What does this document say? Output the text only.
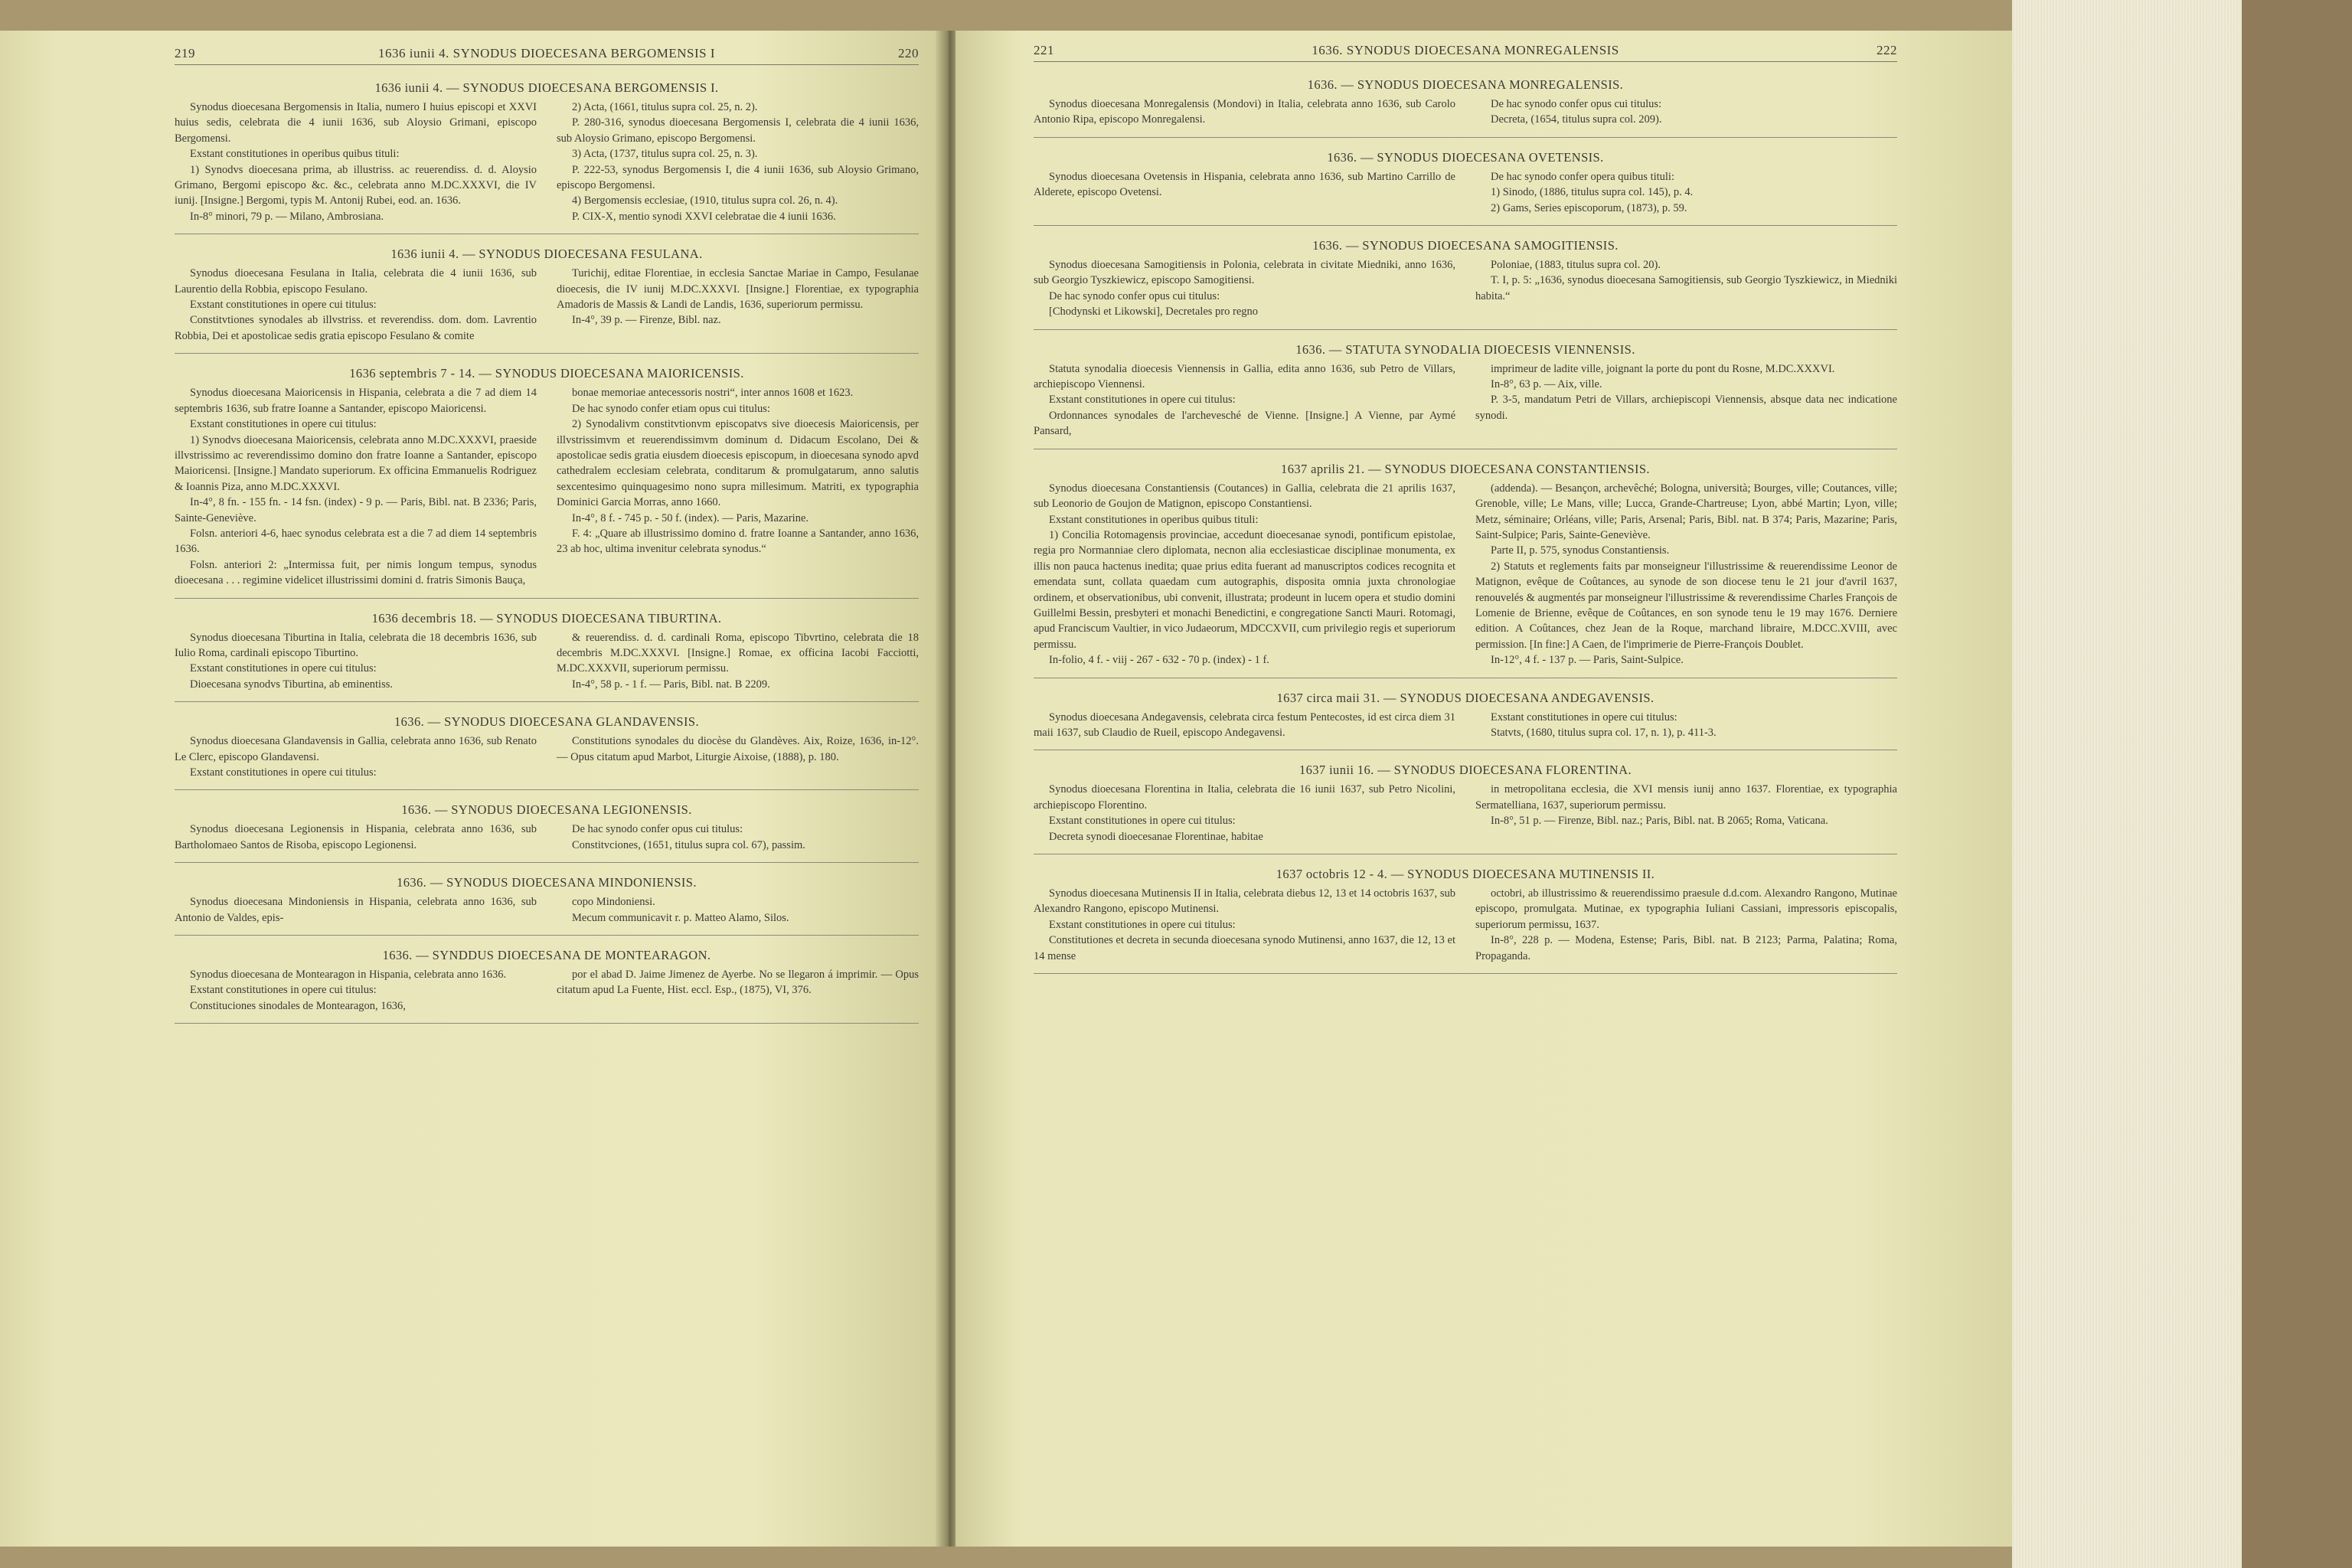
219	1636 iunii 4. SYNODUS DIOECESANA BERGOMENSIS I	220
1636 iunii 4. — SYNODUS DIOECESANA BERGOMENSIS I.

Synodus dioecesana Bergomensis in Italia, numero I huius episcopi et XXVI huius sedis, celebrata die 4 iunii 1636, sub Aloysio Grimani, episcopo Bergomensi.

Exstant constitutiones in operibus quibus tituli:

1) Synodvs dioecesana prima, ab illustriss. ac reuerendiss. d. d. Aloysio Grimano, Bergomi episcopo &c. &c., celebrata anno M.DC.XXXVI, die IV iunij. [Insigne.] Bergomi, typis M. Antonij Rubei, eod. an. 1636.

In-8° minori, 79 p. — Milano, Ambrosiana.

2) Acta, (1661, titulus supra col. 25, n. 2).

P. 280-316, synodus dioecesana Bergomensis I, celebrata die 4 iunii 1636, sub Aloysio Grimano, episcopo Bergomensi.

3) Acta, (1737, titulus supra col. 25, n. 3).

P. 222-53, synodus Bergomensis I, die 4 iunii 1636, sub Aloysio Grimano, episcopo Bergomensi.

4) Bergomensis ecclesiae, (1910, titulus supra col. 26, n. 4).

P. CIX-X, mentio synodi XXVI celebratae die 4 iunii 1636.

1636 iunii 4. — SYNODUS DIOECESANA FESULANA.

Synodus dioecesana Fesulana in Italia, celebrata die 4 iunii 1636, sub Laurentio della Robbia, episcopo Fesulano.

Exstant constitutiones in opere cui titulus:

Constitvtiones synodales ab illvstriss. et reverendiss. dom. dom. Lavrentio Robbia, Dei et apostolicae sedis gratia episcopo Fesulano & comite

Turichij, editae Florentiae, in ecclesia Sanctae Mariae in Campo, Fesulanae dioecesis, die IV iunij M.DC.XXXVI. [Insigne.] Florentiae, ex typographia Amadoris de Massis & Landi de Landis, 1636, superiorum permissu.

In-4°, 39 p. — Firenze, Bibl. naz.

1636 septembris 7 - 14. — SYNODUS DIOECESANA MAIORICENSIS.

Synodus dioecesana Maioricensis in Hispania, celebrata a die 7 ad diem 14 septembris 1636, sub fratre Ioanne a Santander, episcopo Maioricensi.

Exstant constitutiones in opere cui titulus:

1) Synodvs dioecesana Maioricensis, celebrata anno M.DC.XXXVI, praeside illvstrissimo ac reverendissimo domino don fratre Ioanne a Santander, episcopo Maioricensi. [Insigne.] Mandato superiorum. Ex officina Emmanuelis Rodriguez & Ioannis Piza, anno M.DC.XXXVI.

In-4°, 8 fn. - 155 fn. - 14 fsn. (index) - 9 p. — Paris, Bibl. nat. B 2336; Paris, Sainte-Geneviève.

Folsn. anteriori 4-6, haec synodus celebrata est a die 7 ad diem 14 septembris 1636.

Folsn. anteriori 2: „Intermissa fuit, per nimis longum tempus, synodus dioecesana . . . regimine videlicet illustrissimi domini d. fratris Simonis Bauça,

bonae memoriae antecessoris nostri“, inter annos 1608 et 1623.

De hac synodo confer etiam opus cui titulus:

2) Synodalivm constitvtionvm episcopatvs sive dioecesis Maioricensis, per illvstrissimvm et reuerendissimvm dominum d. Didacum Escolano, Dei & apostolicae sedis gratia eiusdem dioecesis episcopum, in dioecesana synodo apvd cathedralem ecclesiam celebrata, conditarum & promulgatarum, anno salutis sexcentesimo quinquagesimo nono supra millesimum. Matriti, ex typographia Dominici Garcia Morras, anno 1660.

In-4°, 8 f. - 745 p. - 50 f. (index). — Paris, Mazarine.

F. 4: „Quare ab illustrissimo domino d. fratre Ioanne a Santander, anno 1636, 23 ab hoc, ultima invenitur celebrata synodus.“

1636 decembris 18. — SYNODUS DIOECESANA TIBURTINA.

Synodus dioecesana Tiburtina in Italia, celebrata die 18 decembris 1636, sub Iulio Roma, cardinali episcopo Tiburtino.

Exstant constitutiones in opere cui titulus:

Dioecesana synodvs Tiburtina, ab eminentiss.

& reuerendiss. d. d. cardinali Roma, episcopo Tibvrtino, celebrata die 18 decembris M.DC.XXXVI. [Insigne.] Romae, ex officina Iacobi Facciotti, M.DC.XXXVII, superiorum permissu.

In-4°, 58 p. - 1 f. — Paris, Bibl. nat. B 2209.

1636. — SYNODUS DIOECESANA GLANDAVENSIS.

Synodus dioecesana Glandavensis in Gallia, celebrata anno 1636, sub Renato Le Clerc, episcopo Glandavensi.

Exstant constitutiones in opere cui titulus:

Constitutions synodales du diocèse du Glandèves. Aix, Roize, 1636, in-12°. — Opus citatum apud Marbot, Liturgie Aixoise, (1888), p. 180.

1636. — SYNODUS DIOECESANA LEGIONENSIS.

Synodus dioecesana Legionensis in Hispania, celebrata anno 1636, sub Bartholomaeo Santos de Risoba, episcopo Legionensi.

De hac synodo confer opus cui titulus:

Constitvciones, (1651, titulus supra col. 67), passim.

1636. — SYNODUS DIOECESANA MINDONIENSIS.

Synodus dioecesana Mindoniensis in Hispania, celebrata anno 1636, sub Antonio de Valdes, epis-

copo Mindoniensi.

Mecum communicavit r. p. Matteo Alamo, Silos.

1636. — SYNDDUS DIOECESANA DE MONTEARAGON.

Synodus dioecesana de Montearagon in Hispania, celebrata anno 1636.

Exstant constitutiones in opere cui titulus:

Constituciones sinodales de Montearagon, 1636,

por el abad D. Jaime Jimenez de Ayerbe. No se llegaron á imprimir. — Opus citatum apud La Fuente, Hist. eccl. Esp., (1875), VI, 376.

221	1636. SYNODUS DIOECESANA MONREGALENSIS	222
1636. — SYNODUS DIOECESANA MONREGALENSIS.

Synodus dioecesana Monregalensis (Mondovi) in Italia, celebrata anno 1636, sub Carolo Antonio Ripa, episcopo Monregalensi.

De hac synodo confer opus cui titulus:

Decreta, (1654, titulus supra col. 209).

1636. — SYNODUS DIOECESANA OVETENSIS.

Synodus dioecesana Ovetensis in Hispania, celebrata anno 1636, sub Martino Carrillo de Alderete, episcopo Ovetensi.

De hac synodo confer opera quibus tituli:

1) Sinodo, (1886, titulus supra col. 145), p. 4.

2) Gams, Series episcoporum, (1873), p. 59.

1636. — SYNODUS DIOECESANA SAMOGITIENSIS.

Synodus dioecesana Samogitiensis in Polonia, celebrata in civitate Miedniki, anno 1636, sub Georgio Tyszkiewicz, episcopo Samogitiensi.

De hac synodo confer opus cui titulus:

[Chodynski et Likowski], Decretales pro regno

Poloniae, (1883, titulus supra col. 20).

T. I, p. 5: „1636, synodus dioecesana Samogitiensis, sub Georgio Tyszkiewicz, in Miedniki habita.“

1636. — STATUTA SYNODALIA DIOECESIS VIENNENSIS.

Statuta synodalia dioecesis Viennensis in Gallia, edita anno 1636, sub Petro de Villars, archiepiscopo Viennensi.

Exstant constitutiones in opere cui titulus:

Ordonnances synodales de l'archevesché de Vienne. [Insigne.] A Vienne, par Aymé Pansard,

imprimeur de ladite ville, joignant la porte du pont du Rosne, M.DC.XXXVI.

In-8°, 63 p. — Aix, ville.

P. 3-5, mandatum Petri de Villars, archiepiscopi Viennensis, absque data nec indicatione synodi.

1637 aprilis 21. — SYNODUS DIOECESANA CONSTANTIENSIS.

Synodus dioecesana Constantiensis (Coutances) in Gallia, celebrata die 21 aprilis 1637, sub Leonorio de Goujon de Matignon, episcopo Constantiensi.

Exstant constitutiones in operibus quibus tituli:

1) Concilia Rotomagensis provinciae, accedunt dioecesanae synodi, pontificum epistolae, regia pro Normanniae clero diplomata, necnon alia ecclesiasticae disciplinae monumenta, ex illis non pauca hactenus inedita; quae prius edita fuerant ad manuscriptos codices recognita et emendata sunt, collata quaedam cum autographis, disposita omnia juxta chronologiae ordinem, et observationibus, ubi convenit, illustrata; prodeunt in lucem opera et studio domini Guillelmi Bessin, presbyteri et monachi Benedictini, e congregatione Sancti Mauri. Rotomagi, apud Franciscum Vaultier, in vico Judaeorum, MDCCXVII, cum privilegio regis et superiorum permissu.

In-folio, 4 f. - viij - 267 - 632 - 70 p. (index) - 1 f.

(addenda). — Besançon, archevêché; Bologna, università; Bourges, ville; Coutances, ville; Grenoble, ville; Le Mans, ville; Lucca, Grande-Chartreuse; Lyon, abbé Martin; Lyon, ville; Metz, séminaire; Orléans, ville; Paris, Arsenal; Paris, Bibl. nat. B 374; Paris, Mazarine; Paris, Saint-Sulpice; Paris, Sainte-Geneviève.

Parte II, p. 575, synodus Constantiensis.

2) Statuts et reglements faits par monseigneur l'illustrissime & reuerendissime Leonor de Matignon, evêque de Coûtances, au synode de son diocese tenu le 21 jour d'avril 1637, renouvelés & augmentés par monseigneur l'illustrissime & reverendissime Charles François de Lomenie de Brienne, evêque de Coûtances, en son synode tenu le 19 may 1676. Derniere edition. A Coûtances, chez Jean de la Roque, marchand libraire, M.DCC.XVIII, avec permission. [In fine:] A Caen, de l'imprimerie de Pierre-François Doublet.

In-12°, 4 f. - 137 p. — Paris, Saint-Sulpice.

1637 circa maii 31. — SYNODUS DIOECESANA ANDEGAVENSIS.

Synodus dioecesana Andegavensis, celebrata circa festum Pentecostes, id est circa diem 31 maii 1637, sub Claudio de Rueil, episcopo Andegavensi.

Exstant constitutiones in opere cui titulus:

Statvts, (1680, titulus supra col. 17, n. 1), p. 411-3.

1637 iunii 16. — SYNODUS DIOECESANA FLORENTINA.

Synodus dioecesana Florentina in Italia, celebrata die 16 iunii 1637, sub Petro Nicolini, archiepiscopo Florentino.

Exstant constitutiones in opere cui titulus:

Decreta synodi dioecesanae Florentinae, habitae

in metropolitana ecclesia, die XVI mensis iunij anno 1637. Florentiae, ex typographia Sermatelliana, 1637, superiorum permissu.

In-8°, 51 p. — Firenze, Bibl. naz.; Paris, Bibl. nat. B 2065; Roma, Vaticana.

1637 octobris 12 - 4. — SYNODUS DIOECESANA MUTINENSIS II.

Synodus dioecesana Mutinensis II in Italia, celebrata diebus 12, 13 et 14 octobris 1637, sub Alexandro Rangono, episcopo Mutinensi.

Exstant constitutiones in opere cui titulus:

Constitutiones et decreta in secunda dioecesana synodo Mutinensi, anno 1637, die 12, 13 et 14 mense

octobri, ab illustrissimo & reuerendissimo praesule d.d.com. Alexandro Rangono, Mutinae episcopo, promulgata. Mutinae, ex typographia Iuliani Cassiani, impressoris episcopalis, superiorum permissu, 1637.

In-8°, 228 p. — Modena, Estense; Paris, Bibl. nat. B 2123; Parma, Palatina; Roma, Propaganda.
